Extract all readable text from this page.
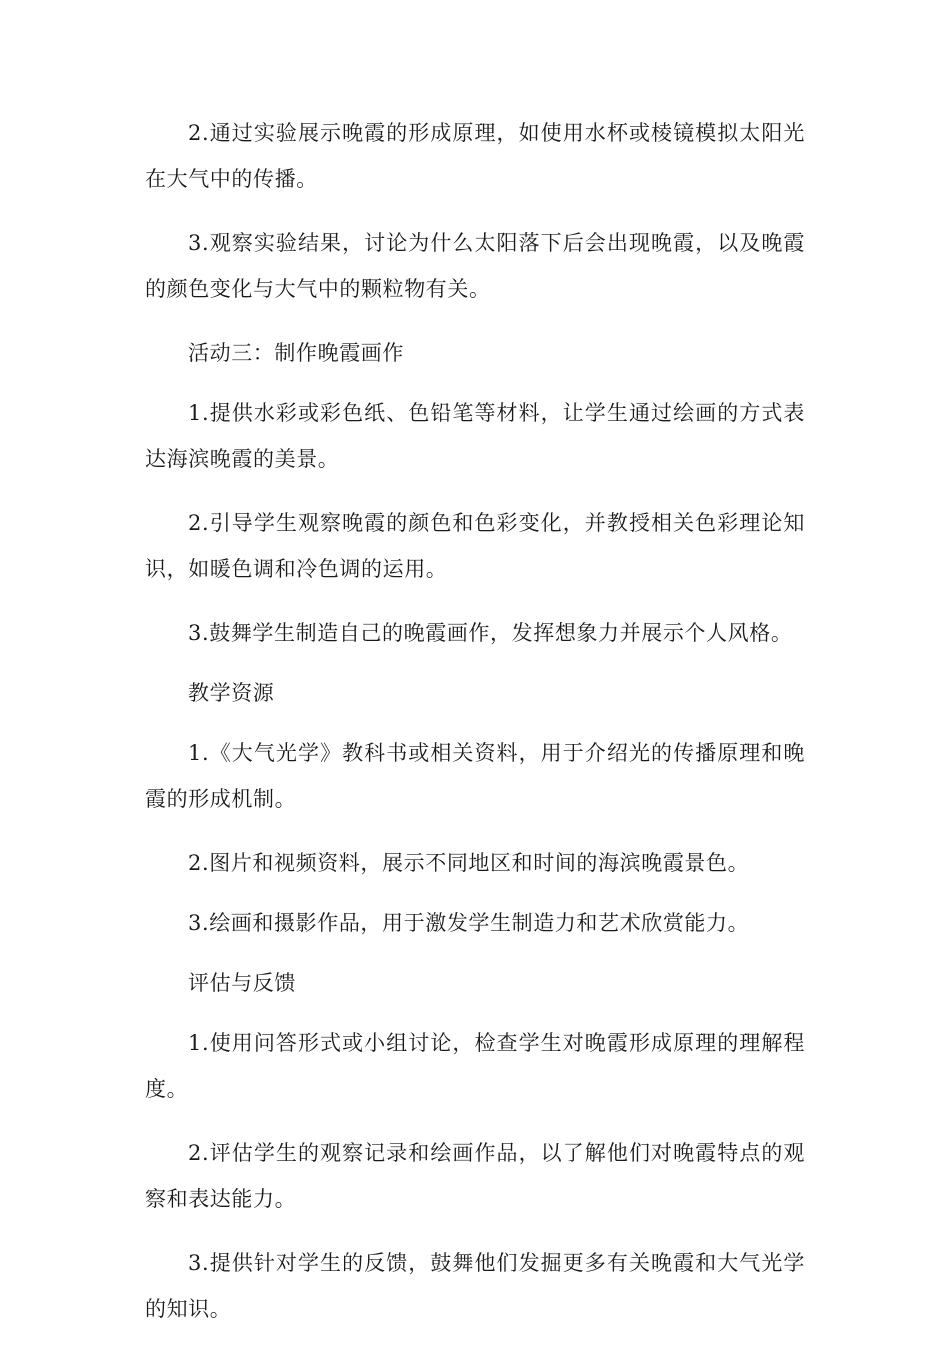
2.通过实验展示晚霞的形成原理，如使用水杯或棱镜模拟太阳光在大气中的传播。

3.观察实验结果，讨论为什么太阳落下后会出现晚霞，以及晚霞的颜色变化与大气中的颗粒物有关。

活动三：制作晚霞画作

1.提供水彩或彩色纸、色铅笔等材料，让学生通过绘画的方式表达海滨晚霞的美景。

2.引导学生观察晚霞的颜色和色彩变化，并教授相关色彩理论知识，如暖色调和冷色调的运用。

3.鼓舞学生制造自己的晚霞画作，发挥想象力并展示个人风格。

教学资源

1.《大气光学》教科书或相关资料，用于介绍光的传播原理和晚霞的形成机制。

2.图片和视频资料，展示不同地区和时间的海滨晚霞景色。

3.绘画和摄影作品，用于激发学生制造力和艺术欣赏能力。

评估与反馈

1.使用问答形式或小组讨论，检查学生对晚霞形成原理的理解程度。

2.评估学生的观察记录和绘画作品，以了解他们对晚霞特点的观察和表达能力。

3.提供针对学生的反馈，鼓舞他们发掘更多有关晚霞和大气光学的知识。
